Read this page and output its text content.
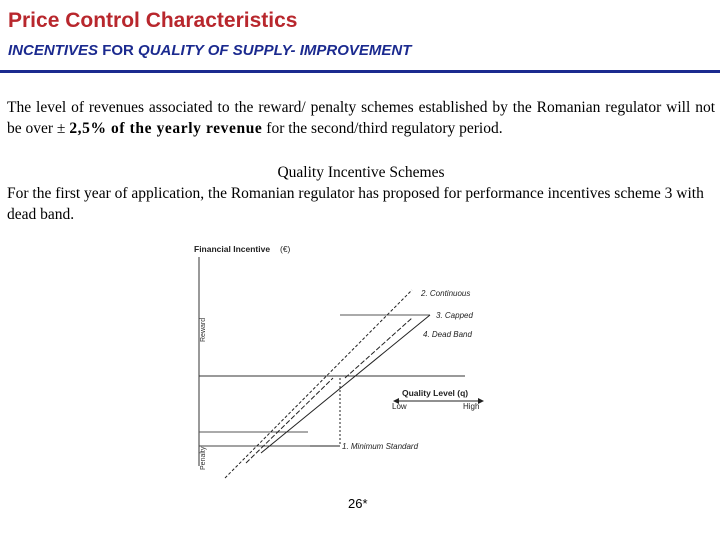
Price Control Characteristics
INCENTIVES FOR QUALITY OF SUPPLY- IMPROVEMENT

The level of revenues associated to the reward/ penalty schemes established by the Romanian regulator will not be over ± 2,5% of the yearly revenue for the second/third regulatory period.

Quality Incentive Schemes
For the first year of application, the Romanian regulator has proposed for performance incentives scheme 3 with dead band.

Financial Incentive (€)
Reward
Penalty
2. Continuous
3. Capped
4. Dead Band
1. Minimum Standard
Quality Level (q)
Low	High
26*
